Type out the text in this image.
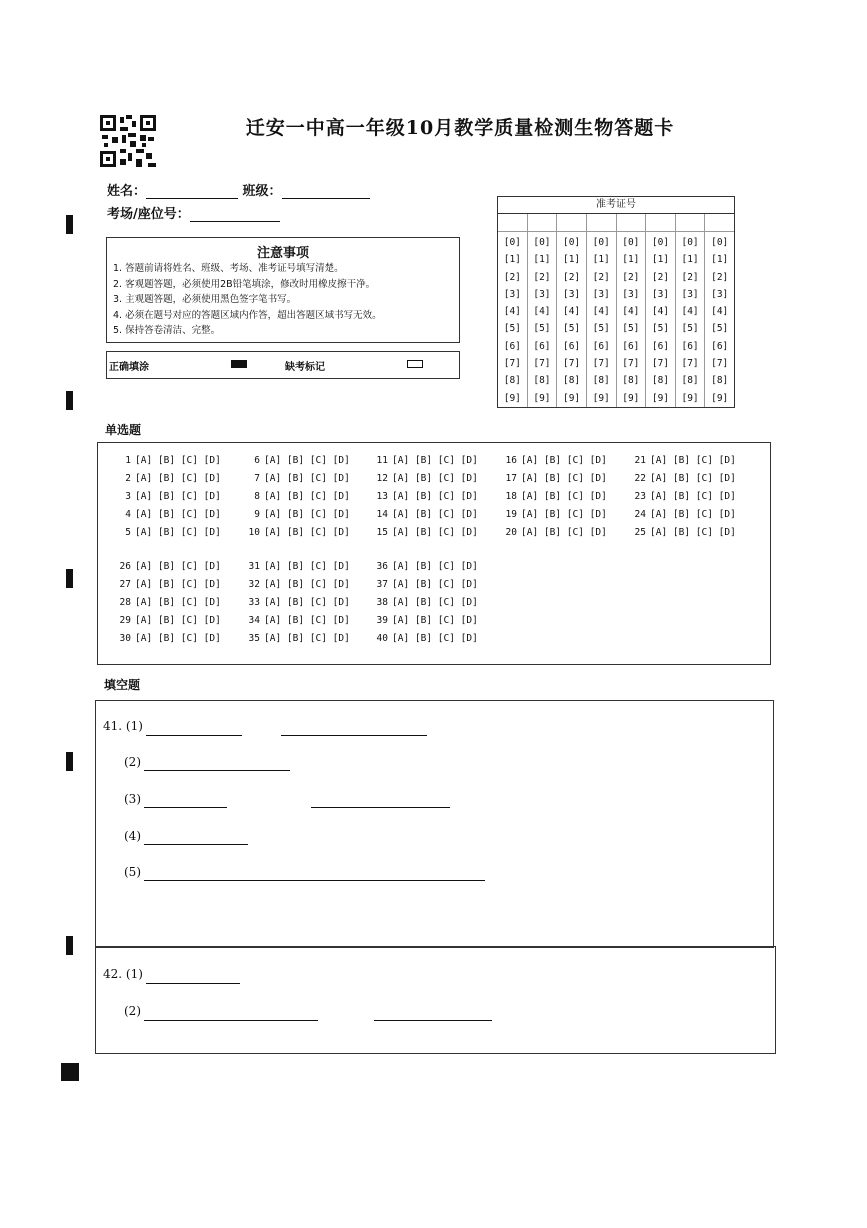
迁安一中高一年级10月教学质量检测生物答题卡
姓名：	班级：
考场/座位号：
注意事项
1. 答题前请将姓名、班级、考场、准考证号填写清楚。
2. 客观题答题，必须使用2B铅笔填涂，修改时用橡皮擦干净。
3. 主观题答题，必须使用黑色签字笔书写。
4. 必须在题号对应的答题区域内作答，超出答题区域书写无效。
5. 保持答卷清洁、完整。
正确填涂	缺考标记
准考证号
[0]
[1]
[2]
[3]
[4]
[5]
[6]
[7]
[8]
[9]
[0]
[1]
[2]
[3]
[4]
[5]
[6]
[7]
[8]
[9]
[0]
[1]
[2]
[3]
[4]
[5]
[6]
[7]
[8]
[9]
[0]
[1]
[2]
[3]
[4]
[5]
[6]
[7]
[8]
[9]
[0]
[1]
[2]
[3]
[4]
[5]
[6]
[7]
[8]
[9]
[0]
[1]
[2]
[3]
[4]
[5]
[6]
[7]
[8]
[9]
[0]
[1]
[2]
[3]
[4]
[5]
[6]
[7]
[8]
[9]
[0]
[1]
[2]
[3]
[4]
[5]
[6]
[7]
[8]
[9]
单选题
1 [A] [B] [C] [D]
2 [A] [B] [C] [D]
3 [A] [B] [C] [D]
4 [A] [B] [C] [D]
5 [A] [B] [C] [D]
6 [A] [B] [C] [D]
7 [A] [B] [C] [D]
8 [A] [B] [C] [D]
9 [A] [B] [C] [D]
10 [A] [B] [C] [D]
11 [A] [B] [C] [D]
12 [A] [B] [C] [D]
13 [A] [B] [C] [D]
14 [A] [B] [C] [D]
15 [A] [B] [C] [D]
16 [A] [B] [C] [D]
17 [A] [B] [C] [D]
18 [A] [B] [C] [D]
19 [A] [B] [C] [D]
20 [A] [B] [C] [D]
21 [A] [B] [C] [D]
22 [A] [B] [C] [D]
23 [A] [B] [C] [D]
24 [A] [B] [C] [D]
25 [A] [B] [C] [D]
26 [A] [B] [C] [D]
27 [A] [B] [C] [D]
28 [A] [B] [C] [D]
29 [A] [B] [C] [D]
30 [A] [B] [C] [D]
31 [A] [B] [C] [D]
32 [A] [B] [C] [D]
33 [A] [B] [C] [D]
34 [A] [B] [C] [D]
35 [A] [B] [C] [D]
36 [A] [B] [C] [D]
37 [A] [B] [C] [D]
38 [A] [B] [C] [D]
39 [A] [B] [C] [D]
40 [A] [B] [C] [D]
填空题
41. (1)
(2)
(3)
(4)
(5)
42. (1)
(2)
